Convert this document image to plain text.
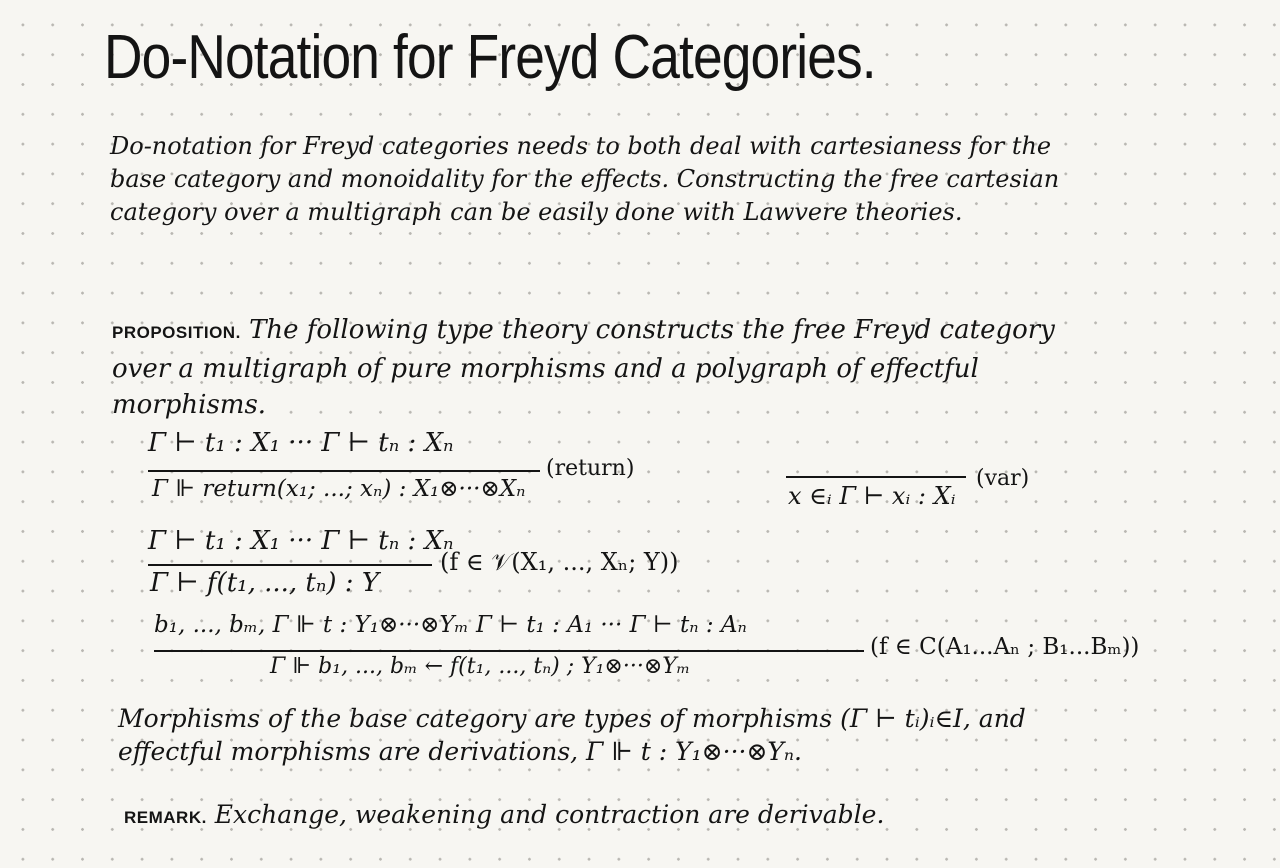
Do-Notation for Freyd Categories.
Do-notation for Freyd categories needs to both deal with cartesianess for the base category and monoidality for the effects. Constructing the free cartesian category over a multigraph can be easily done with Lawvere theories.
PROPOSITION. The following type theory constructs the free Freyd category over a multigraph of pure morphisms and a polygraph of effectful morphisms.
Γ ⊢ t₁ : X₁ ··· Γ ⊢ tₙ : Xₙ
Γ ⊩ return(x₁; ...; xₙ) : X₁⊗···⊗Xₙ
(return)
x ∈ᵢ Γ ⊢ xᵢ : Xᵢ
(var)
Γ ⊢ t₁ : X₁ ··· Γ ⊢ tₙ : Xₙ
Γ ⊢ f(t₁, ..., tₙ) : Y
(f ∈ 𝒱(X₁, ..., Xₙ; Y))
b₁, ..., bₘ, Γ ⊩ t : Y₁⊗···⊗Yₘ Γ ⊢ t₁ : A₁ ··· Γ ⊢ tₙ : Aₙ
Γ ⊩ b₁, ..., bₘ ← f(t₁, ..., tₙ) ; Y₁⊗···⊗Yₘ
(f ∈ C(A₁...Aₙ ; B₁...Bₘ))
Morphisms of the base category are types of morphisms (Γ ⊢ tᵢ)ᵢ∈I, and effectful morphisms are derivations, Γ ⊩ t : Y₁⊗···⊗Yₙ.
REMARK. Exchange, weakening and contraction are derivable.
